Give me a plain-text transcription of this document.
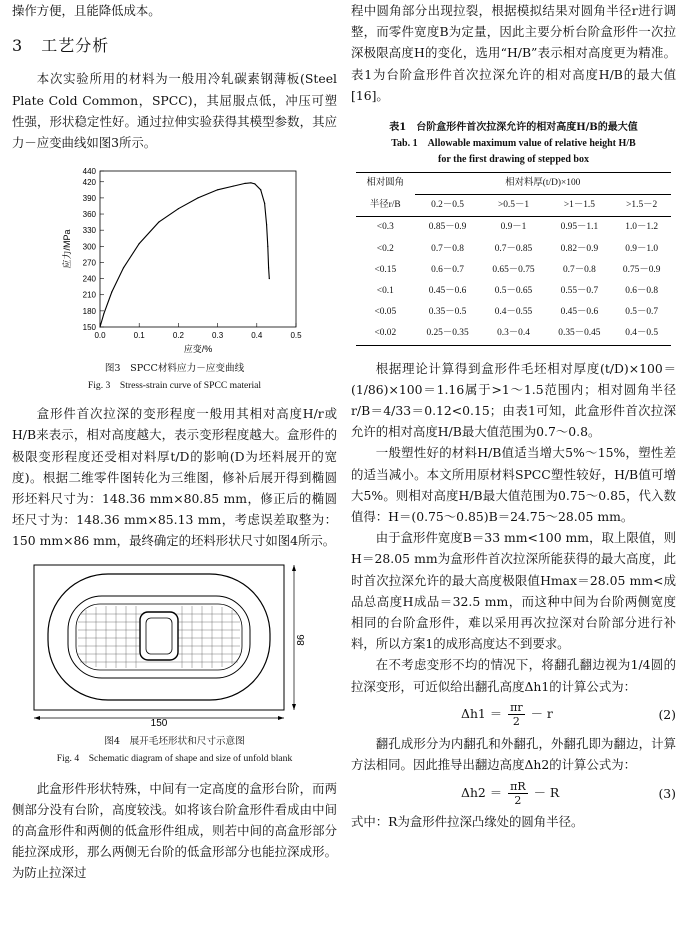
操作方便，且能降低成本。

3 工艺分析

本次实验所用的材料为一般用冷轧碳素钢薄板(Steel Plate Cold Common，SPCC)，其屈服点低，冲压可塑性强，形状稳定性好。通过拉伸实验获得其模型参数，其应力－应变曲线如图3所示。

0.0	0.1	0.2	0.3	0.4	0.5
150
180
210
240
270
300
330
360
390
420
440
应变/%
应力/MPa
图3　SPCC材料应力－应变曲线
Fig. 3　Stress-strain curve of SPCC material

盒形件首次拉深的变形程度一般用其相对高度H/r或H/B来表示，相对高度越大，表示变形程度越大。盒形件的极限变形程度还受相对料厚t/D的影响(D为坯料展开的宽度)。根据二维零件图转化为三维图，修补后展开得到椭圆形坯料尺寸为：148.36 mm×80.85 mm，修正后的椭圆坯尺寸为：148.36 mm×85.13 mm，考虑误差取整为：150 mm×86 mm，最终确定的坯料形状尺寸如图4所示。

150
86
图4　展开毛坯形状和尺寸示意图
Fig. 4　Schematic diagram of shape and size of unfold blank

此盒形件形状特殊，中间有一定高度的盒形台阶，而两侧部分没有台阶，高度较浅。如将该台阶盒形件看成由中间的高盒形件和两侧的低盒形件组成，则若中间的高盒形部分能拉深成形，那么两侧无台阶的低盒形部分也能拉深成形。为防止拉深过

程中圆角部分出现拉裂，根据模拟结果对圆角半径r进行调整，而零件宽度B为定量，因此主要分析台阶盒形件一次拉深极限高度H的变化，选用“H/B”表示相对高度更为精准。表1为台阶盒形件首次拉深允许的相对高度H/B的最大值[16]。

表1　台阶盒形件首次拉深允许的相对高度H/B的最大值
Tab. 1　Allowable maximum value of relative height H/B
for the first drawing of stepped box
相对圆角	相对料厚(t/D)×100			
半径r/B	0.2－0.5	>0.5－1	>1－1.5	>1.5－2
<0.3	0.85－0.9	0.9－1	0.95－1.1	1.0－1.2
<0.2	0.7－0.8	0.7－0.85	0.82－0.9	0.9－1.0
<0.15	0.6－0.7	0.65－0.75	0.7－0.8	0.75－0.9
<0.1	0.45－0.6	0.5－0.65	0.55－0.7	0.6－0.8
<0.05	0.35－0.5	0.4－0.55	0.45－0.6	0.5－0.7
<0.02	0.25－0.35	0.3－0.4	0.35－0.45	0.4－0.5

根据理论计算得到盒形件毛坯相对厚度(t/D)×100＝(1/86)×100＝1.16属于>1～1.5范围内；相对圆角半径r/B＝4/33＝0.12<0.15；由表1可知，此盒形件首次拉深允许的相对高度H/B最大值范围为0.7～0.8。

一般塑性好的材料H/B值适当增大5%～15%，塑性差的适当减小。本文所用原材料SPCC塑性较好，H/B值可增大5%。则相对高度H/B最大值范围为0.75～0.85，代入数值得：H＝(0.75～0.85)B＝24.75～28.05 mm。

由于盒形件宽度B＝33 mm<100 mm，取上限值，则H＝28.05 mm为盒形件首次拉深所能获得的最大高度，此时首次拉深允许的最大高度极限值Hmax＝28.05 mm<成品总高度H成品＝32.5 mm，而这种中间为台阶两侧宽度相同的台阶盒形件，难以采用再次拉深对台阶部分进行补料，所以方案1的成形高度达不到要求。

在不考虑变形不均的情况下，将翻孔翻边视为1/4圆的拉深变形，可近似给出翻孔高度Δh1的计算公式为：

$\Delta h1 = \frac{\pi r}{2} - r$	(2)

翻孔成形分为内翻孔和外翻孔，外翻孔即为翻边，计算方法相同。因此推导出翻边高度Δh2的计算公式为：

$\Delta h2 = \frac{\pi R}{2} - R$	(3)

式中：R为盒形件拉深凸缘处的圆角半径。
